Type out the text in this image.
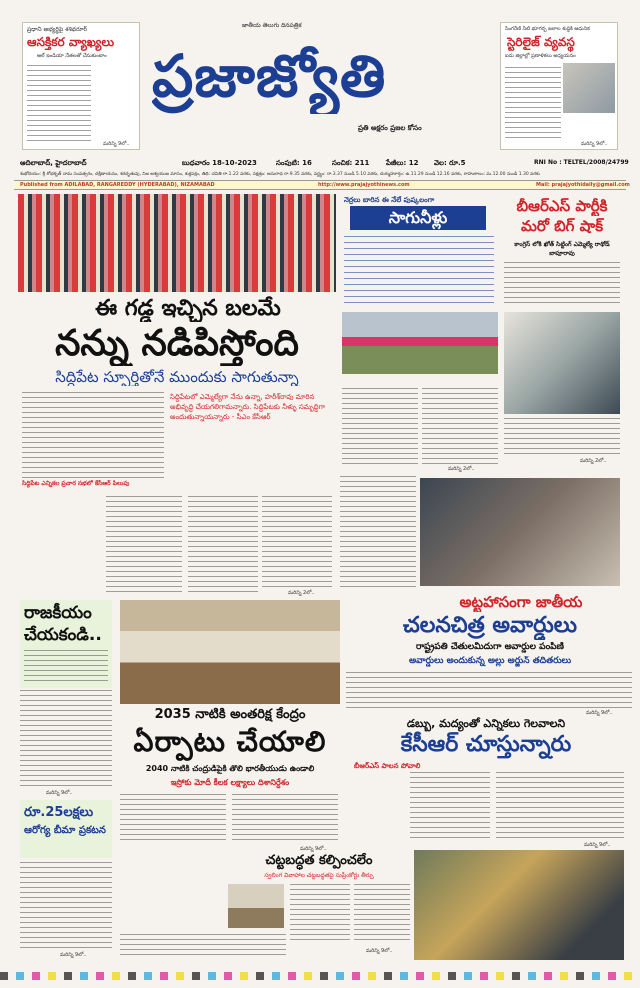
ప్రధాని అభ్యర్థిపై శశిథరూర్
ఆసక్తికర వ్యాఖ్యలు
ఆల్ ఇండియా నేతలతో చేసుకుంటాం
మరిన్ని 9లో..
జాతీయ తెలుగు దినపత్రిక
ప్రజాజ్యోతి
ప్రతి అక్షరం ప్రజల కోసం
సింగరేణి నీటి భూగర్భ జలాల శుద్ధికి ఆధునిక
స్టెరిలైజ్ వ్యవస్థ
ఐదు జిల్లాల్లో ప్రణాళికలు అధ్యయనం
మరిన్ని 9లో..
ఆదిలాబాద్, హైదరాబాద్	బుధవారం 18-10-2023	సంపుటి: 16	సంచిక: 211 పేజీలు: 12 వెల: రూ.5	RNI No : TELTEL/2008/24799
శుభోదయం: శ్రీ శోభకృత్ నామ సంవత్సరం, దక్షిణాయనం, శరదృతువు, నిజ ఆశ్వయుజ మాసం, శుక్లపక్షం, తిథి: చవితి రా.1.22 వరకు, నక్షత్రం: అనురాధ రా.9.35 వరకు, వర్జ్యం: రా.3.37 నుండి 5.10 వరకు, దుర్ముహూర్తం: ఉ.11.29 నుండి 12.16 వరకు, రాహుకాలం: మ.12.00 నుండి 1.30 వరకు
Published from ADILABAD, RANGAREDDY (HYDERABAD), NIZAMABAD	http://www.prajajyothinews.com	Mail: prajajyothidaily@gmail.com
ఈ గడ్డ ఇచ్చిన బలమే
నన్ను నడిపిస్తోంది
సిద్దిపేట స్ఫూర్తితోనే ముందుకు సాగుతున్నా
సిద్దిపేట ఎన్నికల ప్రచార సభలో కేసీఆర్ పిలుపు
సిద్దిపేటలో ఎమ్మెల్యేగా నేను ఉన్నా, హరీశ్‌రావు మారిన అభివృద్ధి చేయగలిగామన్నారు. సిద్దిపేటకు నీళ్ళు సమృద్ధిగా అందుతున్నాయన్నారు - సీఎం కేసీఆర్
మరిన్ని 2లో..
నెర్రలు బారిన ఈ నేలే పుష్కలంగా
సాగునీళ్లు
మరిన్ని 2లో..
బీఆర్ఎస్ పార్టీకి
మరో బిగ్ షాక్
కాంగ్రెస్ లోకి ఖోత్ సిట్టింగ్ ఎమ్మెల్యే రాథోడ్ బాపూరావు
మరిన్ని 2లో..
అట్టహాసంగా జాతీయ
చలనచిత్ర అవార్డులు
రాష్ట్రపతి చేతులమీదుగా అవార్డుల పంపిణీ
అవార్డులు అందుకున్న అల్లు అర్జున్ తదితరులు
మరిన్ని 9లో..
రాజకీయం
చేయకండి..
మరిన్ని 9లో..
2035 నాటికి అంతరిక్ష కేంద్రం
ఏర్పాటు చేయాలి
2040 నాటికి చంద్రుడిపైకి తొలి భారతీయుడు ఉండాలి
ఇస్రోకు మోదీ కీలక లక్ష్యాలు దిశానిర్దేశం
మరిన్ని 9లో..
డబ్బు, మద్యంతో ఎన్నికలు గెలవాలని
కేసీఆర్ చూస్తున్నారు
బీఆర్ఎస్ పాలన పోవాలి
మరిన్ని 9లో..
రూ.25లక్షలు
ఆరోగ్య బీమా ప్రకటన
మరిన్ని 9లో..
చట్టబద్ధత కల్పించలేం
స్వలింగ వివాహాల చట్టబద్ధతపై సుప్రీంకోర్టు తీర్పు
మరిన్ని 9లో..
